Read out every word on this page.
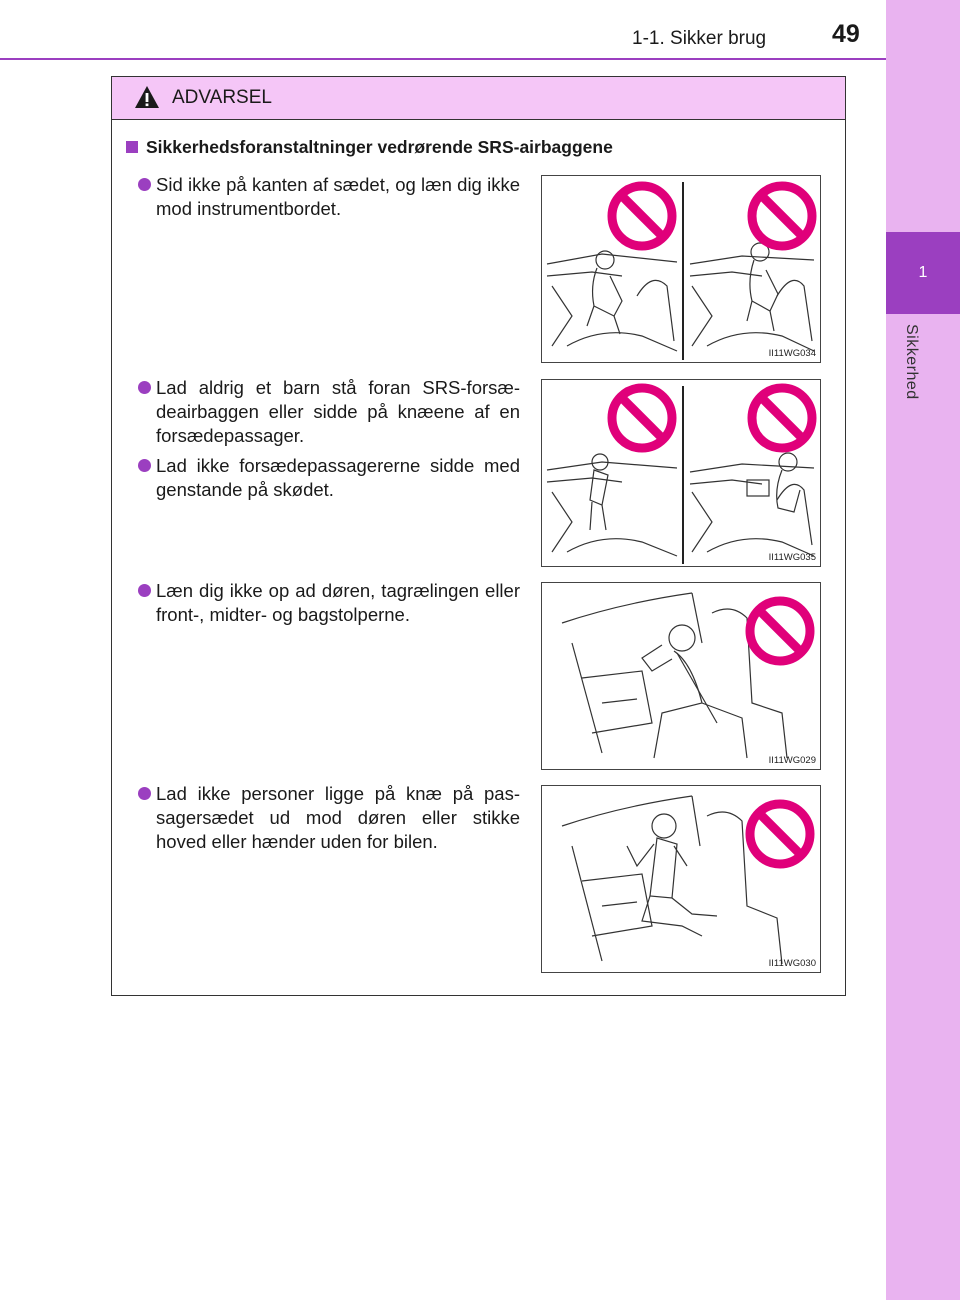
1
Sikkerhed
1-1. Sikker brug	49
ADVARSEL
Sikkerhedsforanstaltninger vedrørende SRS-airbaggene
Sid ikke på kanten af sædet, og læn dig ikke mod instrumentbordet.
Lad aldrig et barn stå foran SRS-forsæ-deairbaggen eller sidde på knæene af en forsædepassager.
Lad ikke forsædepassagererne sidde med genstande på skødet.
Læn dig ikke op ad døren, tagrælingen eller front-, midter- og bagstolperne.
Lad ikke personer ligge på knæ på pas-sagersædet ud mod døren eller stikke hoved eller hænder uden for bilen.
II11WG034
II11WG035
II11WG029
II11WG030
